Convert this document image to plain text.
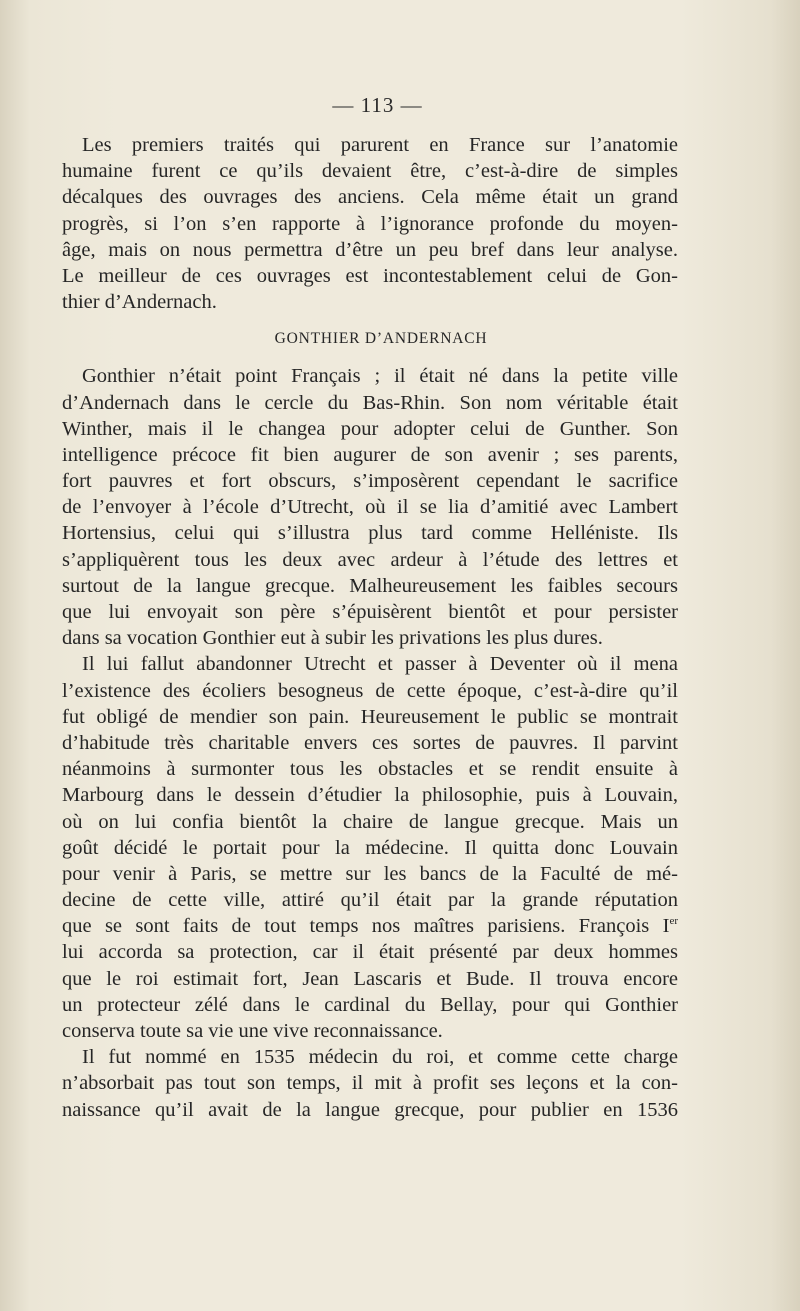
— 113 —
Les premiers traités qui parurent en France sur l’anatomie
humaine furent ce qu’ils devaient être, c’est-à-dire de simples
décalques des ouvrages des anciens. Cela même était un grand
progrès, si l’on s’en rapporte à l’ignorance profonde du moyen-
âge, mais on nous permettra d’être un peu bref dans leur analyse.
Le meilleur de ces ouvrages est incontestablement celui de Gon-
thier d’Andernach.
GONTHIER D’ANDERNACH
Gonthier n’était point Français ; il était né dans la petite ville
d’Andernach dans le cercle du Bas-Rhin. Son nom véritable était
Winther, mais il le changea pour adopter celui de Gunther. Son
intelligence précoce fit bien augurer de son avenir ; ses parents,
fort pauvres et fort obscurs, s’imposèrent cependant le sacrifice
de l’envoyer à l’école d’Utrecht, où il se lia d’amitié avec Lambert
Hortensius, celui qui s’illustra plus tard comme Helléniste. Ils
s’appliquèrent tous les deux avec ardeur à l’étude des lettres et
surtout de la langue grecque. Malheureusement les faibles secours
que lui envoyait son père s’épuisèrent bientôt et pour persister
dans sa vocation Gonthier eut à subir les privations les plus dures.
Il lui fallut abandonner Utrecht et passer à Deventer où il mena
l’existence des écoliers besogneus de cette époque, c’est-à-dire qu’il
fut obligé de mendier son pain. Heureusement le public se montrait
d’habitude très charitable envers ces sortes de pauvres. Il parvint
néanmoins à surmonter tous les obstacles et se rendit ensuite à
Marbourg dans le dessein d’étudier la philosophie, puis à Louvain,
où on lui confia bientôt la chaire de langue grecque. Mais un
goût décidé le portait pour la médecine. Il quitta donc Louvain
pour venir à Paris, se mettre sur les bancs de la Faculté de mé-
decine de cette ville, attiré qu’il était par la grande réputation
que se sont faits de tout temps nos maîtres parisiens. François Ier
lui accorda sa protection, car il était présenté par deux hommes
que le roi estimait fort, Jean Lascaris et Bude. Il trouva encore
un protecteur zélé dans le cardinal du Bellay, pour qui Gonthier
conserva toute sa vie une vive reconnaissance.
Il fut nommé en 1535 médecin du roi, et comme cette charge
n’absorbait pas tout son temps, il mit à profit ses leçons et la con-
naissance qu’il avait de la langue grecque, pour publier en 1536
